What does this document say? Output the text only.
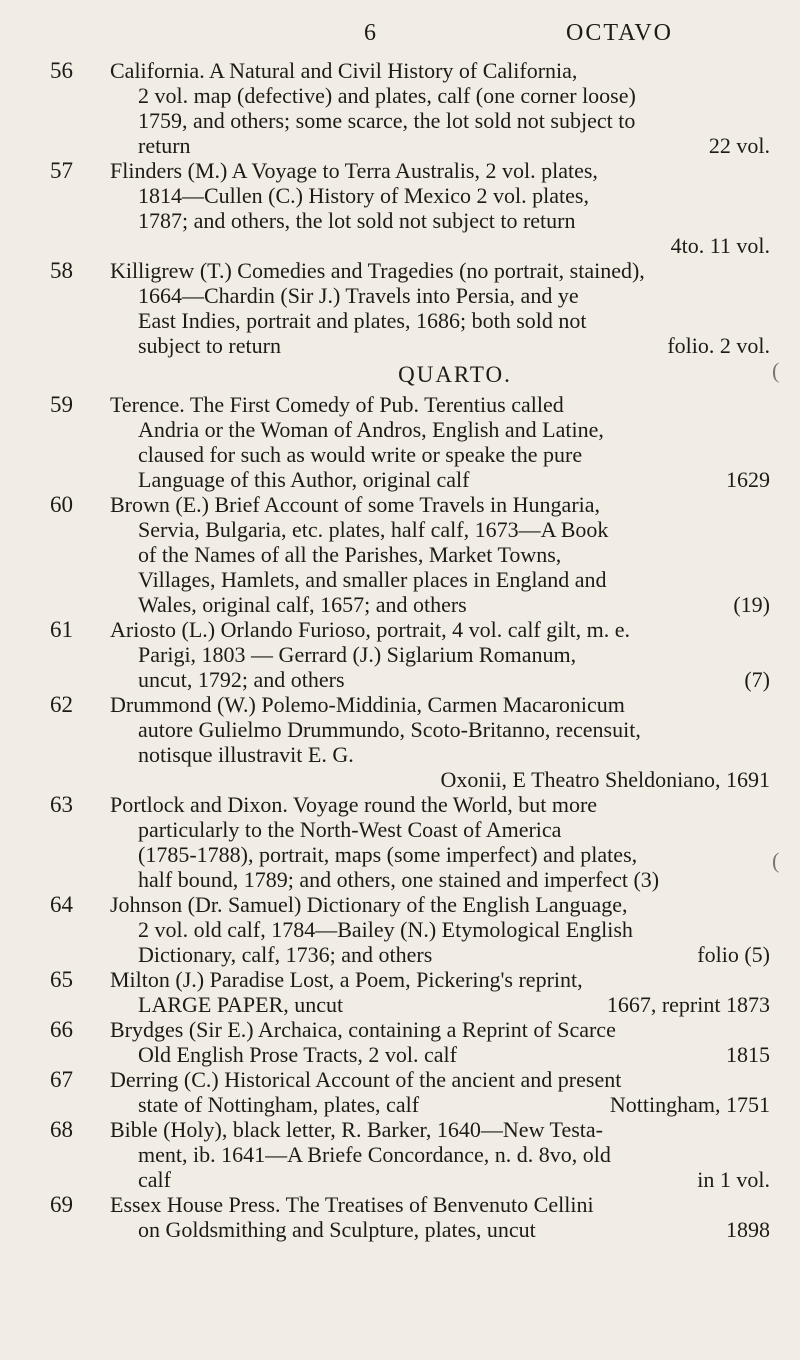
6	OCTAVO
56 California. A Natural and Civil History of California,
2 vol. map (defective) and plates, calf (one corner loose)
1759, and others; some scarce, the lot sold not subject to
return	22 vol.
57 Flinders (M.) A Voyage to Terra Australis, 2 vol. plates,
1814—Cullen (C.) History of Mexico 2 vol. plates,
1787; and others, the lot sold not subject to return
4to. 11 vol.
58 Killigrew (T.) Comedies and Tragedies (no portrait, stained),
1664—Chardin (Sir J.) Travels into Persia, and ye
East Indies, portrait and plates, 1686; both sold not
subject to return	folio. 2 vol.
QUARTO.
59 Terence. The First Comedy of Pub. Terentius called
Andria or the Woman of Andros, English and Latine,
claused for such as would write or speake the pure
Language of this Author, original calf	1629
60 Brown (E.) Brief Account of some Travels in Hungaria,
Servia, Bulgaria, etc. plates, half calf, 1673—A Book
of the Names of all the Parishes, Market Towns,
Villages, Hamlets, and smaller places in England and
Wales, original calf, 1657; and others	(19)
61 Ariosto (L.) Orlando Furioso, portrait, 4 vol. calf gilt, m. e.
Parigi, 1803 — Gerrard (J.) Siglarium Romanum,
uncut, 1792; and others	(7)
62 Drummond (W.) Polemo-Middinia, Carmen Macaronicum
autore Gulielmo Drummundo, Scoto-Britanno, recensuit,
notisque illustravit E. G.
Oxonii, E Theatro Sheldoniano, 1691
63 Portlock and Dixon. Voyage round the World, but more
particularly to the North-West Coast of America
(1785-1788), portrait, maps (some imperfect) and plates,
half bound, 1789; and others, one stained and imperfect (3)
64 Johnson (Dr. Samuel) Dictionary of the English Language,
2 vol. old calf, 1784—Bailey (N.) Etymological English
Dictionary, calf, 1736; and others	folio (5)
65 Milton (J.) Paradise Lost, a Poem, Pickering's reprint,
LARGE PAPER, uncut	1667, reprint 1873
66 Brydges (Sir E.) Archaica, containing a Reprint of Scarce
Old English Prose Tracts, 2 vol. calf	1815
67 Derring (C.) Historical Account of the ancient and present
state of Nottingham, plates, calf	Nottingham, 1751
68 Bible (Holy), black letter, R. Barker, 1640—New Testa-
ment, ib. 1641—A Briefe Concordance, n. d. 8vo, old
calf	in 1 vol.
69 Essex House Press. The Treatises of Benvenuto Cellini
on Goldsmithing and Sculpture, plates, uncut	1898
(
(
